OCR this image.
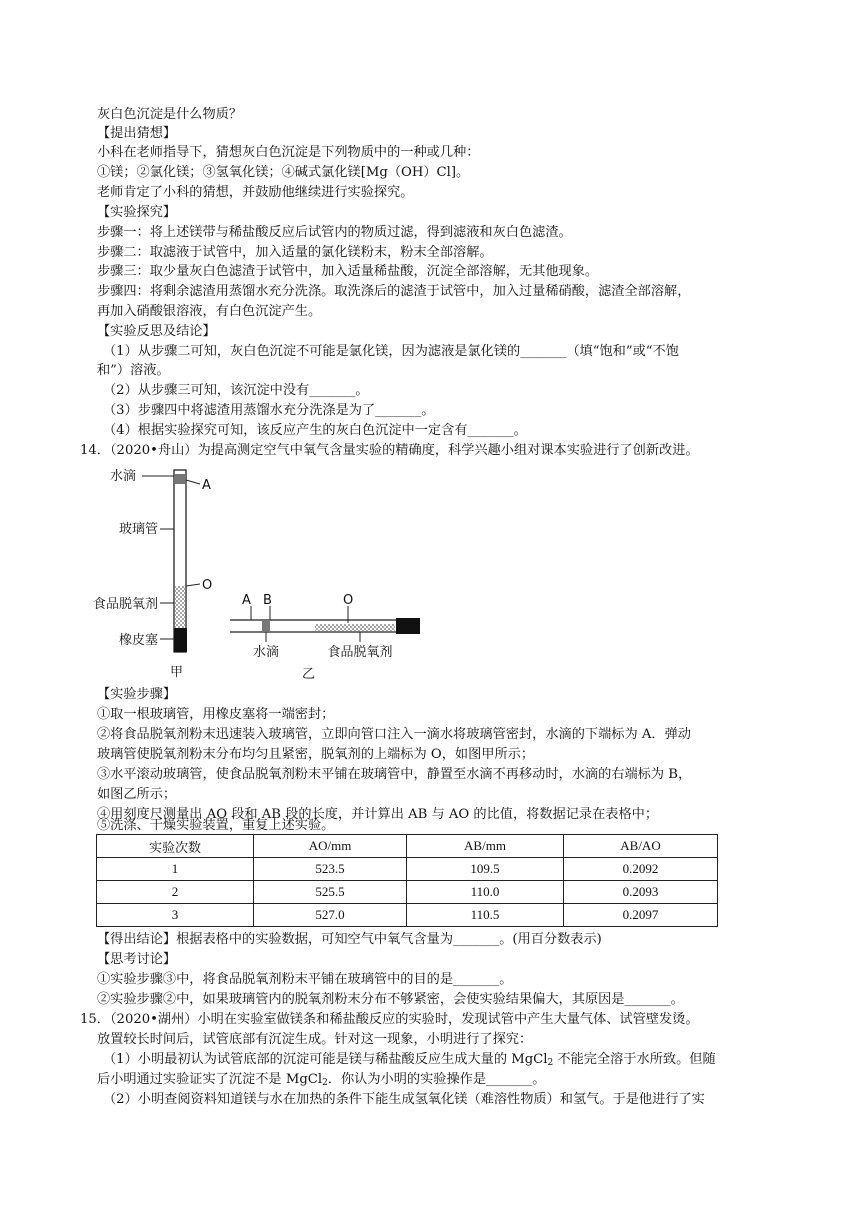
灰白色沉淀是什么物质？
【提出猜想】
小科在老师指导下，猜想灰白色沉淀是下列物质中的一种或几种：
①镁；②氯化镁；③氢氧化镁；④碱式氯化镁[Mg（OH）Cl]。
老师肯定了小科的猜想，并鼓励他继续进行实验探究。
【实验探究】
步骤一：将上述镁带与稀盐酸反应后试管内的物质过滤，得到滤液和灰白色滤渣。
步骤二：取滤液于试管中，加入适量的氯化镁粉末，粉末全部溶解。
步骤三：取少量灰白色滤渣于试管中，加入适量稀盐酸，沉淀全部溶解，无其他现象。
步骤四：将剩余滤渣用蒸馏水充分洗涤。取洗涤后的滤渣于试管中，加入过量稀硝酸，滤渣全部溶解，
再加入硝酸银溶液，有白色沉淀产生。
【实验反思及结论】
（1）从步骤二可知，灰白色沉淀不可能是氯化镁，因为滤液是氯化镁的_______（填“饱和”或“不饱
和”）溶液。
（2）从步骤三可知，该沉淀中没有_______。
（3）步骤四中将滤渣用蒸馏水充分洗涤是为了_______。
（4）根据实验探究可知，该反应产生的灰白色沉淀中一定含有_______。
14．（2020•舟山）为提高测定空气中氧气含量实验的精确度，科学兴趣小组对课本实验进行了创新改进。
水滴
A
玻璃管
O
食品脱氧剂
橡皮塞
甲
A B	O
水滴	食品脱氧剂
乙
【实验步骤】
①取一根玻璃管，用橡皮塞将一端密封；
②将食品脱氧剂粉末迅速装入玻璃管，立即向管口注入一滴水将玻璃管密封，水滴的下端标为 A．弹动
玻璃管使脱氧剂粉末分布均匀且紧密，脱氧剂的上端标为 O，如图甲所示；
③水平滚动玻璃管，使食品脱氧剂粉末平铺在玻璃管中，静置至水滴不再移动时，水滴的右端标为 B，
如图乙所示；
④用刻度尺测量出 AO 段和 AB 段的长度，并计算出 AB 与 AO 的比值，将数据记录在表格中；
⑤洗涤、干燥实验装置，重复上述实验。
实验次数	AO/mm	AB/mm	AB/AO
1	523.5	109.5	0.2092
2	525.5	110.0	0.2093
3	527.0	110.5	0.2097
【得出结论】根据表格中的实验数据，可知空气中氧气含量为_______。(用百分数表示)
【思考讨论】
①实验步骤③中，将食品脱氧剂粉末平铺在玻璃管中的目的是_______。
②实验步骤②中，如果玻璃管内的脱氧剂粉末分布不够紧密，会使实验结果偏大，其原因是_______。
15．（2020•湖州）小明在实验室做镁条和稀盐酸反应的实验时，发现试管中产生大量气体、试管壁发烫。
放置较长时间后，试管底部有沉淀生成。针对这一现象，小明进行了探究：
（1）小明最初认为试管底部的沉淀可能是镁与稀盐酸反应生成大量的 MgCl$_2$ 不能完全溶于水所致。但随
后小明通过实验证实了沉淀不是 MgCl$_2$．你认为小明的实验操作是_______。
（2）小明查阅资料知道镁与水在加热的条件下能生成氢氧化镁（难溶性物质）和氢气。于是他进行了实
